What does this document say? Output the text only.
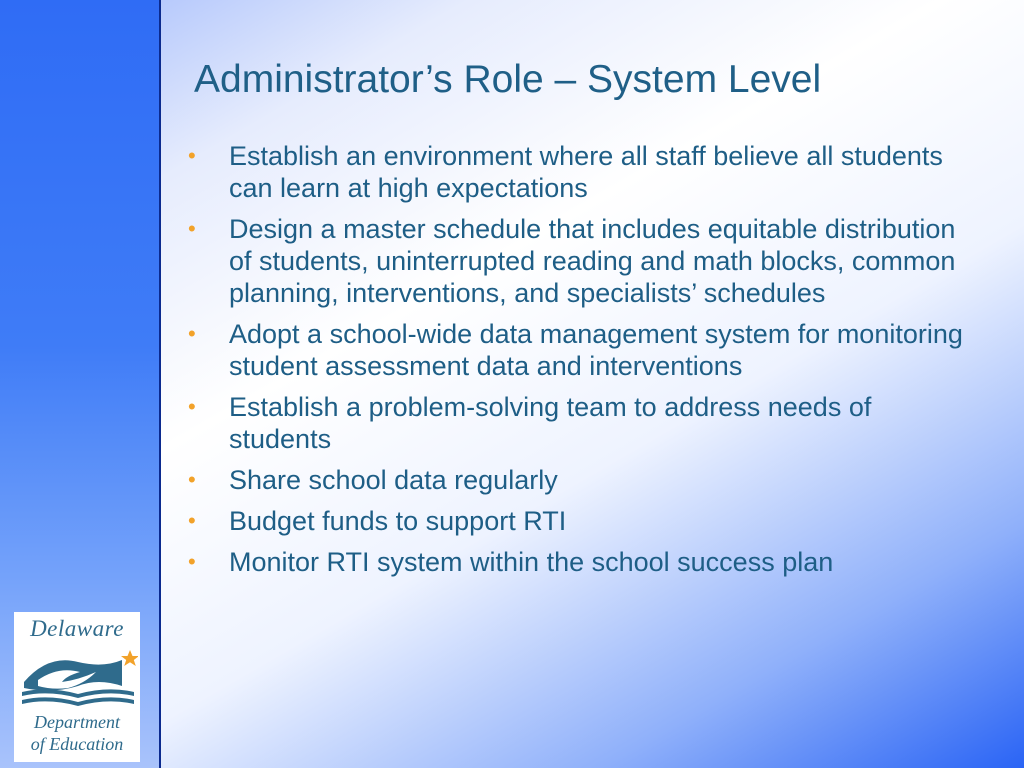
Delaware
Department
of Education
Administrator’s Role – System Level
• Establish an environment where all staff believe all students can learn at high expectations
• Design a master schedule that includes equitable distribution of students, uninterrupted reading and math blocks, common planning, interventions, and specialists’ schedules
• Adopt a school-wide data management system for monitoring student assessment data and interventions
• Establish a problem-solving team to address needs of students
• Share school data regularly
• Budget funds to support RTI
• Monitor RTI system within the school success plan
